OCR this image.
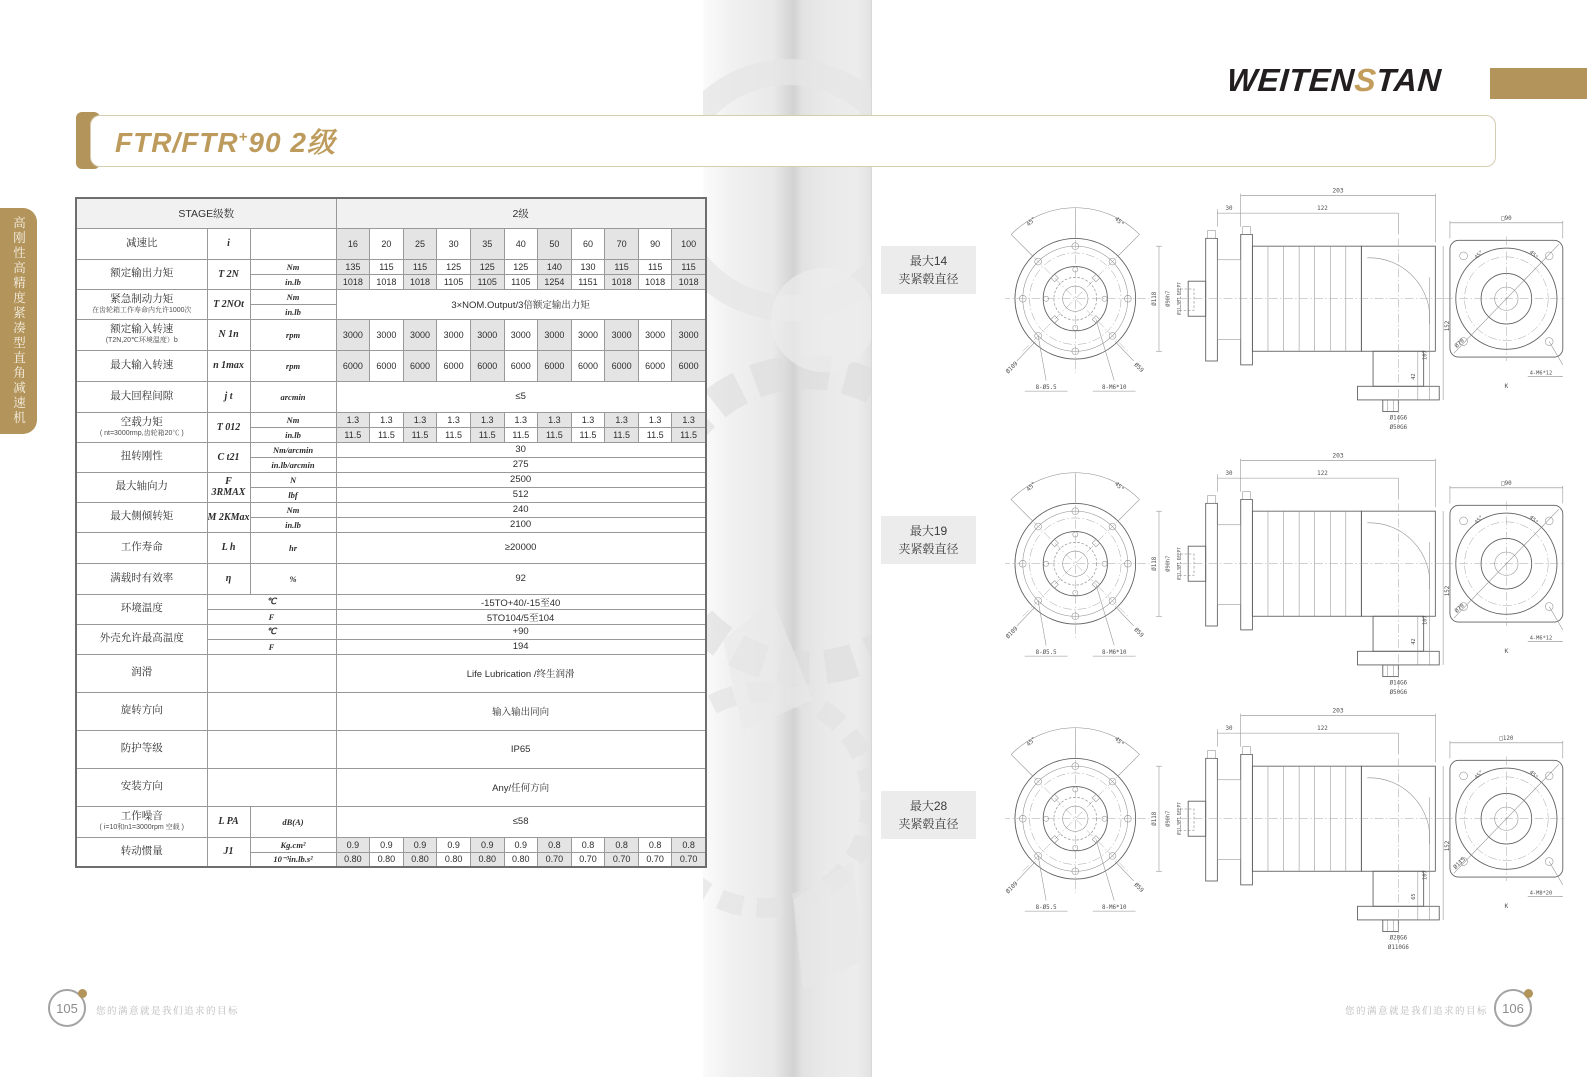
WEITENSTAN
FTR/FTR+90 2级
高刚性高精度紧凑型直角减速机
STAGE级数			2级										

减速比	i		16	20	25	30	35	40	50	60	70	90	100

额定输出力矩	T 2N	Nm	135	115	115	125	125	125	140	130	115	115	115
		in.lb	1018	1018	1018	1105	1105	1105	1254	1151	1018	1018	1018

紧急制动力矩
在齿轮箱工作寿命内允许1000次	T 2NOt	Nm	3×NOM.Output/3倍额定输出力矩										
		in.lb											

额定输入转速
(T2N,20℃环境温度）b	N 1n	rpm	3000	3000	3000	3000	3000	3000	3000	3000	3000	3000	3000

最大输入转速	n 1max	rpm	6000	6000	6000	6000	6000	6000	6000	6000	6000	6000	6000

最大回程间隙	j t	arcmin	≤5										

空载力矩
( nt=3000rmp,齿轮箱20℃ )	T 012	Nm	1.3	1.3	1.3	1.3	1.3	1.3	1.3	1.3	1.3	1.3	1.3
		in.lb	11.5	11.5	11.5	11.5	11.5	11.5	11.5	11.5	11.5	11.5	11.5

扭转刚性	C t21	Nm/arcmin	30										
		in.lb/arcmin	275										

最大轴向力	F 3RMAX	N	2500										
		lbf	512										

最大侧倾转矩	M 2KMax	Nm	240										
		in.lb	2100										

工作寿命	L h	hr	≥20000										

满载时有效率	η	%	92										

环境温度	℃		-15TO+40/-15至40										
	F		5TO104/5至104										

外壳允许最高温度	℃		+90										
	F		194										

润滑			Life Lubrication /终生润滑										

旋转方向			输入输出同向										

防护等级			IP65										

安装方向			Any/任何方向										

工作噪音
( i=10和n1=3000rpm 空载 )	L PA	dB(A)	≤58										

转动惯量	J1	Kg.cm²	0.9	0.9	0.9	0.9	0.9	0.9	0.8	0.8	0.8	0.8	0.8
		10⁻³in.lb.s²	0.80	0.80	0.80	0.80	0.80	0.80	0.70	0.70	0.70	0.70	0.70
最大14
夹紧毂直径
最大19
夹紧毂直径
最大28
夹紧毂直径
45°	45°
Ø109	Ø59
8-Ø5.5	8-M6*10
Ø118 Ø90h7 Ø31.5MT DEEP7
203
30	122
152
107
42
Ø14G6
Ø50G6
Ø70
□90
45°	45°
4-M6*12
K
45°	45°
Ø109	Ø59
8-Ø5.5	8-M6*10
Ø118 Ø90h7 Ø31.5MT DEEP7
203
30	122
152
107
42
Ø14G6
Ø50G6
Ø70
□90
45°	45°
4-M6*12
K
45°	45°
Ø109	Ø59
8-Ø5.5	8-M6*10
Ø118 Ø90h7 Ø31.5MT DEEP7
203
30	122
152
107
65
Ø28G6
Ø110G6
Ø115
□120
45°	45°
4-M8*20
K
105 您的满意就是我们追求的目标	您的满意就是我们追求的目标 106
